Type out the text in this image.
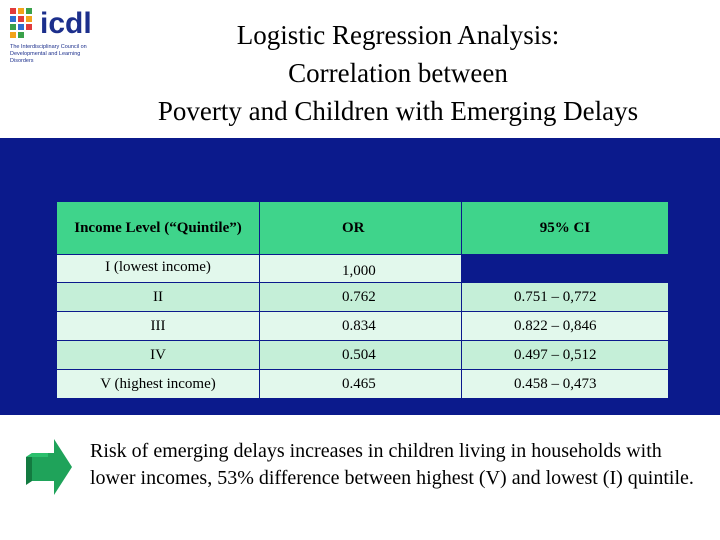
icdl
The Interdisciplinary Council on Developmental and Learning Disorders
Logistic Regression Analysis:
Correlation between
Poverty and Children with Emerging Delays
Income Level (“Quintile”)	OR	95% CI
I (lowest income)	1,000	
II	0.762	0.751 – 0,772
III	0.834	0.822 – 0,846
IV	0.504	0.497 – 0,512
V (highest income)	0.465	0.458 – 0,473
Risk of emerging delays increases in children living in households with lower incomes, 53% difference between highest (V) and lowest (I) quintile.
